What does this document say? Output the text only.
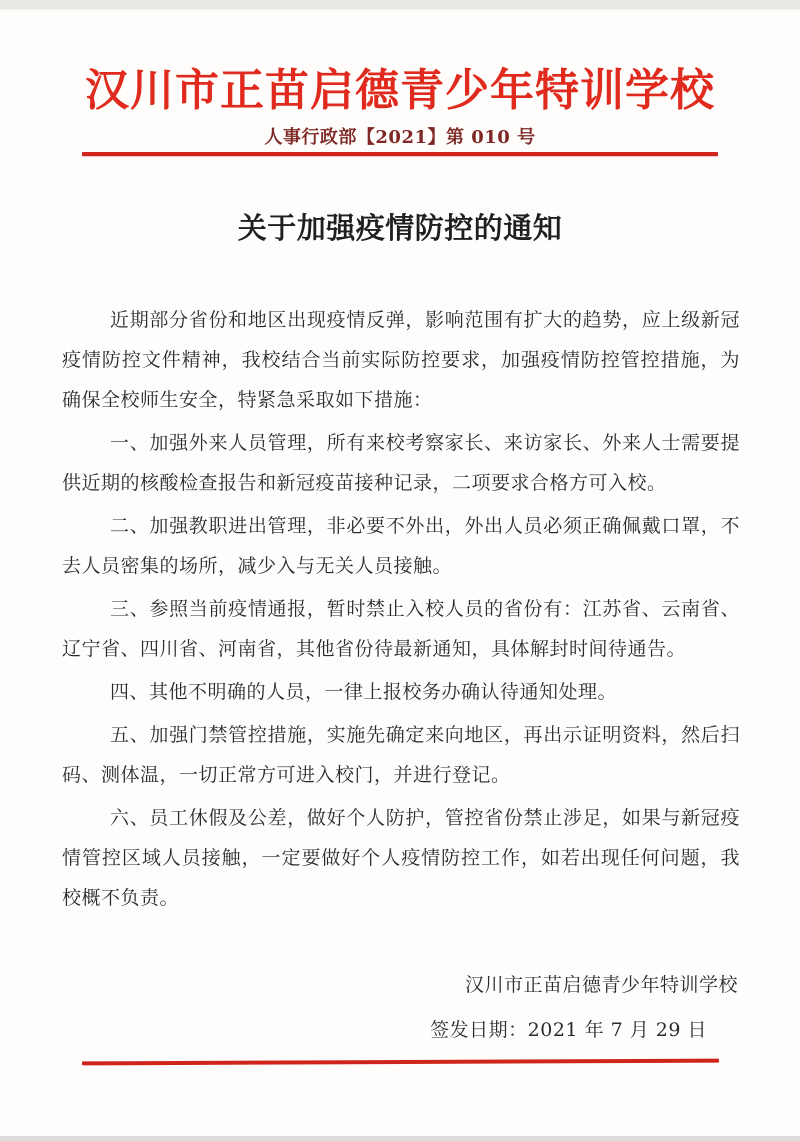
汉川市正苗启德青少年特训学校
人事行政部【2021】第 010 号
关于加强疫情防控的通知

近期部分省份和地区出现疫情反弹，影响范围有扩大的趋势，应上级新冠疫情防控文件精神，我校结合当前实际防控要求，加强疫情防控管控措施，为确保全校师生安全，特紧急采取如下措施：

一、加强外来人员管理，所有来校考察家长、来访家长、外来人士需要提供近期的核酸检查报告和新冠疫苗接种记录，二项要求合格方可入校。

二、加强教职进出管理，非必要不外出，外出人员必须正确佩戴口罩，不去人员密集的场所，减少入与无关人员接触。

三、参照当前疫情通报，暂时禁止入校人员的省份有：江苏省、云南省、辽宁省、四川省、河南省，其他省份待最新通知，具体解封时间待通告。

四、其他不明确的人员，一律上报校务办确认待通知处理。

五、加强门禁管控措施，实施先确定来向地区，再出示证明资料，然后扫码、测体温，一切正常方可进入校门，并进行登记。

六、员工休假及公差，做好个人防护，管控省份禁止涉足，如果与新冠疫情管控区域人员接触，一定要做好个人疫情防控工作，如若出现任何问题，我校概不负责。

汉川市正苗启德青少年特训学校
签发日期：2021 年 7 月 29 日
